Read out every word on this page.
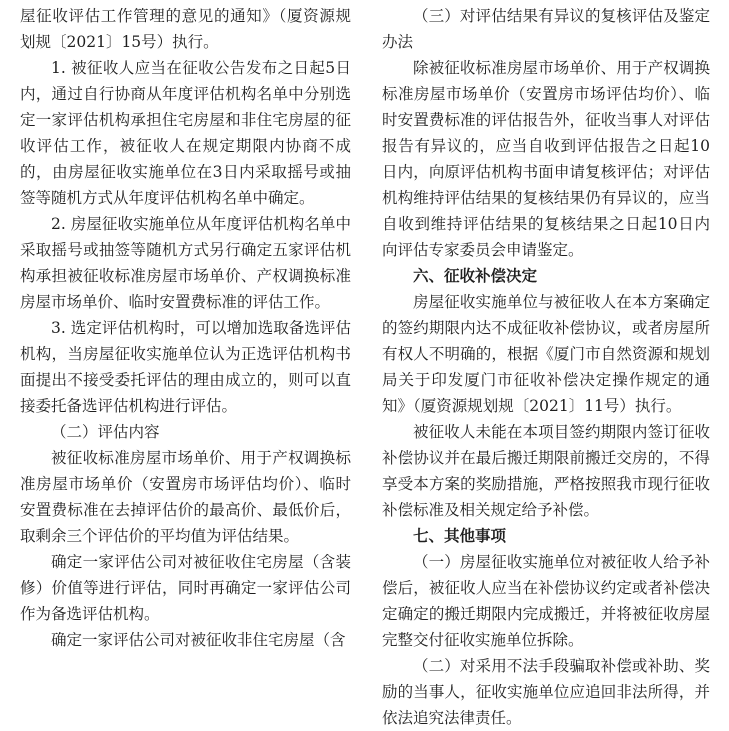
屋征收评估工作管理的意见的通知》（厦资源规划规〔2021〕15号）执行。

1. 被征收人应当在征收公告发布之日起5日内，通过自行协商从年度评估机构名单中分别选定一家评估机构承担住宅房屋和非住宅房屋的征收评估工作，被征收人在规定期限内协商不成的，由房屋征收实施单位在3日内采取摇号或抽签等随机方式从年度评估机构名单中确定。

2. 房屋征收实施单位从年度评估机构名单中采取摇号或抽签等随机方式另行确定五家评估机构承担被征收标准房屋市场单价、产权调换标准房屋市场单价、临时安置费标准的评估工作。

3. 选定评估机构时，可以增加选取备选评估机构，当房屋征收实施单位认为正选评估机构书面提出不接受委托评估的理由成立的，则可以直接委托备选评估机构进行评估。

（二）评估内容

被征收标准房屋市场单价、用于产权调换标准房屋市场单价（安置房市场评估均价）、临时安置费标准在去掉评估价的最高价、最低价后，取剩余三个评估价的平均值为评估结果。

确定一家评估公司对被征收住宅房屋（含装修）价值等进行评估，同时再确定一家评估公司作为备选评估机构。

确定一家评估公司对被征收非住宅房屋（含

（三）对评估结果有异议的复核评估及鉴定办法

除被征收标准房屋市场单价、用于产权调换标准房屋市场单价（安置房市场评估均价）、临时安置费标准的评估报告外，征收当事人对评估报告有异议的，应当自收到评估报告之日起10日内，向原评估机构书面申请复核评估；对评估机构维持评估结果的复核结果仍有异议的，应当自收到维持评估结果的复核结果之日起10日内向评估专家委员会申请鉴定。

六、征收补偿决定

房屋征收实施单位与被征收人在本方案确定的签约期限内达不成征收补偿协议，或者房屋所有权人不明确的，根据《厦门市自然资源和规划局关于印发厦门市征收补偿决定操作规定的通知》（厦资源规划规〔2021〕11号）执行。

被征收人未能在本项目签约期限内签订征收补偿协议并在最后搬迁期限前搬迁交房的，不得享受本方案的奖励措施，严格按照我市现行征收补偿标准及相关规定给予补偿。

七、其他事项

（一）房屋征收实施单位对被征收人给予补偿后，被征收人应当在补偿协议约定或者补偿决定确定的搬迁期限内完成搬迁，并将被征收房屋完整交付征收实施单位拆除。

（二）对采用不法手段骗取补偿或补助、奖励的当事人，征收实施单位应追回非法所得，并依法追究法律责任。
